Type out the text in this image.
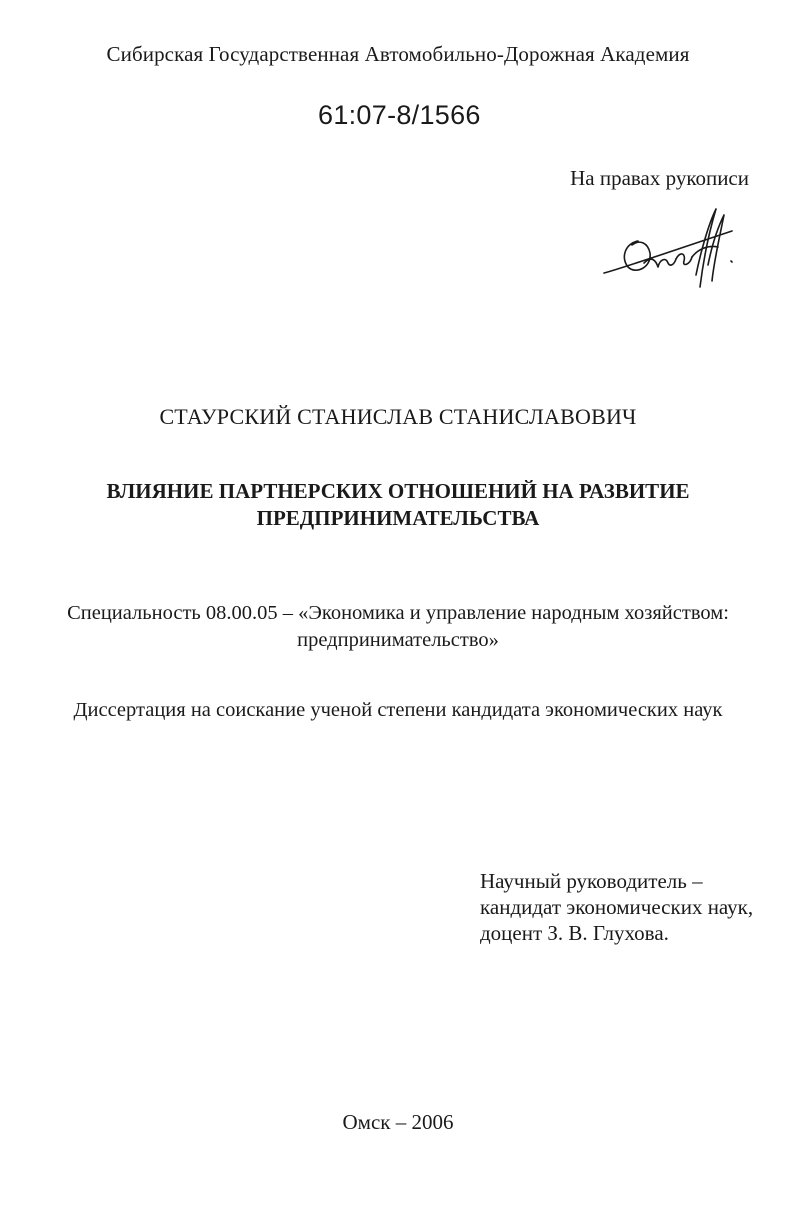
Сибирская Государственная Автомобильно-Дорожная Академия

61:07-8/1566

На правах рукописи

СТАУРСКИЙ СТАНИСЛАВ СТАНИСЛАВОВИЧ

ВЛИЯНИЕ ПАРТНЕРСКИХ ОТНОШЕНИЙ НА РАЗВИТИЕ
ПРЕДПРИНИМАТЕЛЬСТВА

Специальность 08.00.05 – «Экономика и управление народным хозяйством:
предпринимательство»

Диссертация на соискание ученой степени кандидата экономических наук

Научный руководитель –
кандидат экономических наук,
доцент З. В. Глухова.

Омск – 2006
